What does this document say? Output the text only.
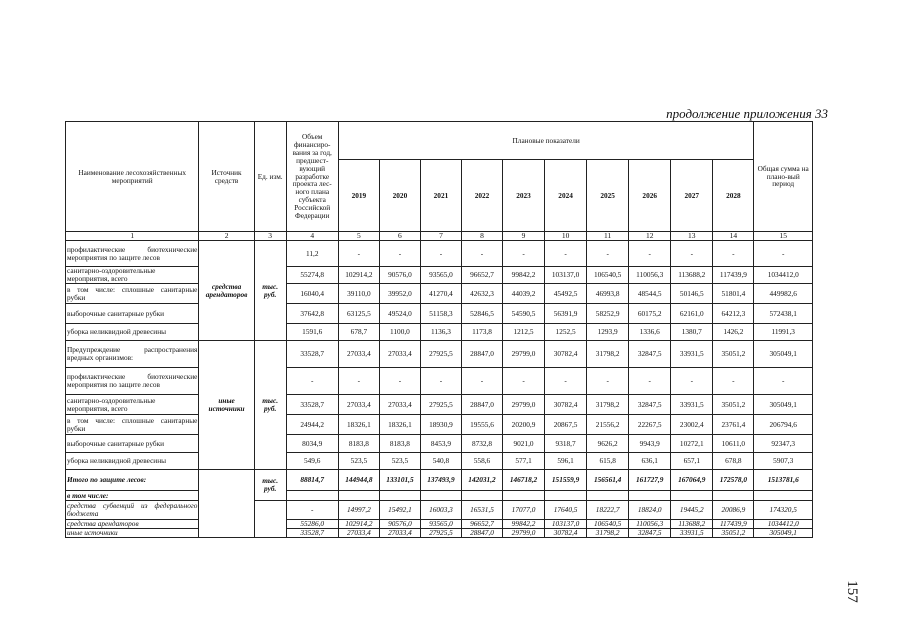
продолжение приложения 33
Наименование лесохозяйственных мероприятий	Источник средств	Ед. изм.	Объем финансиро-вания за год, предшест-вующий разработке проекта лес-ного плана субъекта Российской Федерации	Плановые показатели										Общая сумма на плано-вый период
				2019	2020	2021	2022	2023	2024	2025	2026	2027	2028	
1	2	3	4	5	6	7	8	9	10	11	12	13	14	15
профилактические биотехнические мероприятия по защите лесов	средства арендаторов	тыс. руб.	11,2	-	-	-	-	-	-	-	-	-	-	-
санитарно-оздоровительные мероприятия, всего			55274,8	102914,2	90576,0	93565,0	96652,7	99842,2	103137,0	106540,5	110056,3	113688,2	117439,9	1034412,0
в том числе: сплошные санитарные рубки			16040,4	39110,0	39952,0	41270,4	42632,3	44039,2	45492,5	46993,8	48544,5	50146,5	51801,4	449982,6
выборочные санитарные рубки			37642,8	63125,5	49524,0	51158,3	52846,5	54590,5	56391,9	58252,9	60175,2	62161,0	64212,3	572438,1
уборка неликвидной древесины			1591,6	678,7	1100,0	1136,3	1173,8	1212,5	1252,5	1293,9	1336,6	1380,7	1426,2	11991,3
Предупреждение распространения вредных организмов:	иные источники	тыс. руб.	33528,7	27033,4	27033,4	27925,5	28847,0	29799,0	30782,4	31798,2	32847,5	33931,5	35051,2	305049,1
профилактические биотехнические мероприятия по защите лесов			-	-	-	-	-	-	-	-	-	-	-	-
санитарно-оздоровительные мероприятия, всего			33528,7	27033,4	27033,4	27925,5	28847,0	29799,0	30782,4	31798,2	32847,5	33931,5	35051,2	305049,1
в том числе: сплошные санитарные рубки			24944,2	18326,1	18326,1	18930,9	19555,6	20200,9	20867,5	21556,2	22267,5	23002,4	23761,4	206794,6
выборочные санитарные рубки			8034,9	8183,8	8183,8	8453,9	8732,8	9021,0	9318,7	9626,2	9943,9	10272,1	10611,0	92347,3
уборка неликвидной древесины			549,6	523,5	523,5	540,8	558,6	577,1	596,1	615,8	636,1	657,1	678,8	5907,3
Итого по защите лесов:		тыс. руб.	88814,7	144944,8	133101,5	137493,9	142031,2	146718,2	151559,9	156561,4	161727,9	167064,9	172578,0	1513781,6
в том числе:														
средства субвенций из федерального бюджета			-	14997,2	15492,1	16003,3	16531,5	17077,0	17640,5	18222,7	18824,0	19445,2	20086,9	174320,5
средства арендаторов			55286,0	102914,2	90576,0	93565,0	96652,7	99842,2	103137,0	106540,5	110056,3	113688,2	117439,9	1034412,0
иные источники			33528,7	27033,4	27033,4	27925,5	28847,0	29799,0	30782,4	31798,2	32847,5	33931,5	35051,2	305049,1
157
